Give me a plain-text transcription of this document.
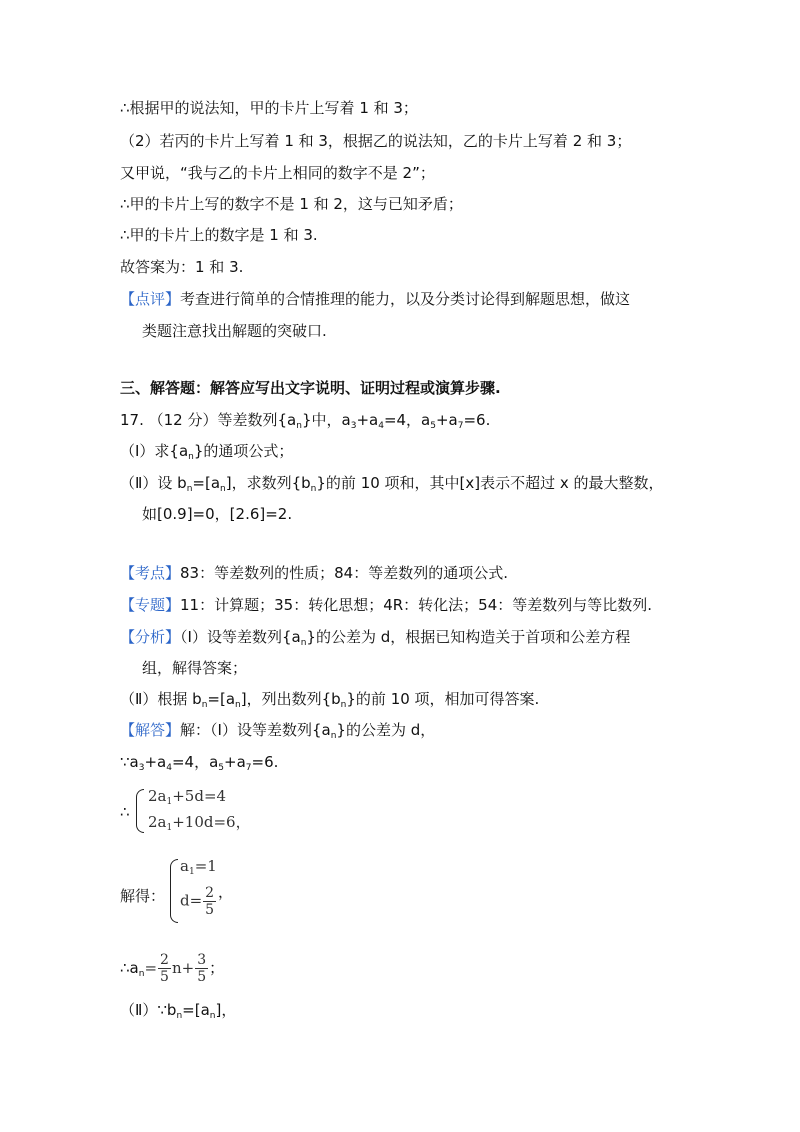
∴根据甲的说法知，甲的卡片上写着 1 和 3；
（2）若丙的卡片上写着 1 和 3，根据乙的说法知，乙的卡片上写着 2 和 3；
又甲说，“我与乙的卡片上相同的数字不是 2”；
∴甲的卡片上写的数字不是 1 和 2，这与已知矛盾；
∴甲的卡片上的数字是 1 和 3.
故答案为：1 和 3.
【点评】考查进行简单的合情推理的能力，以及分类讨论得到解题思想，做这
类题注意找出解题的突破口.
三、解答题：解答应写出文字说明、证明过程或演算步骤.
17. （12 分）等差数列$\{a_n\}$中，$a_3+a_4=4$，$a_5+a_7=6$.
（Ⅰ）求$\{a_n\}$的通项公式；
（Ⅱ）设 $b_n=[a_n]$，求数列$\{b_n\}$的前 10 项和，其中[x]表示不超过 x 的最大整数，
如[0.9]=0，[2.6]=2.
【考点】83：等差数列的性质；84：等差数列的通项公式.
【专题】11：计算题；35：转化思想；4R：转化法；54：等差数列与等比数列.
【分析】（Ⅰ）设等差数列$\{a_n\}$的公差为 d，根据已知构造关于首项和公差方程
组，解得答案；
（Ⅱ）根据 $b_n=[a_n]$，列出数列$\{b_n\}$的前 10 项，相加可得答案.
【解答】解：（Ⅰ）设等差数列$\{a_n\}$的公差为 d，
$\because a_3+a_4=4$，$a_5+a_7=6$.
∴
$2a_1+5d=4$
$2a_1+10d=6$，
解得：
$a_1=1$
$d= \frac{2}{5}$ ，
$\therefore a_n= \frac{2}{5} n+ \frac{3}{5}$ ；
$(Ⅱ)\because b_n=[a_n]$，
